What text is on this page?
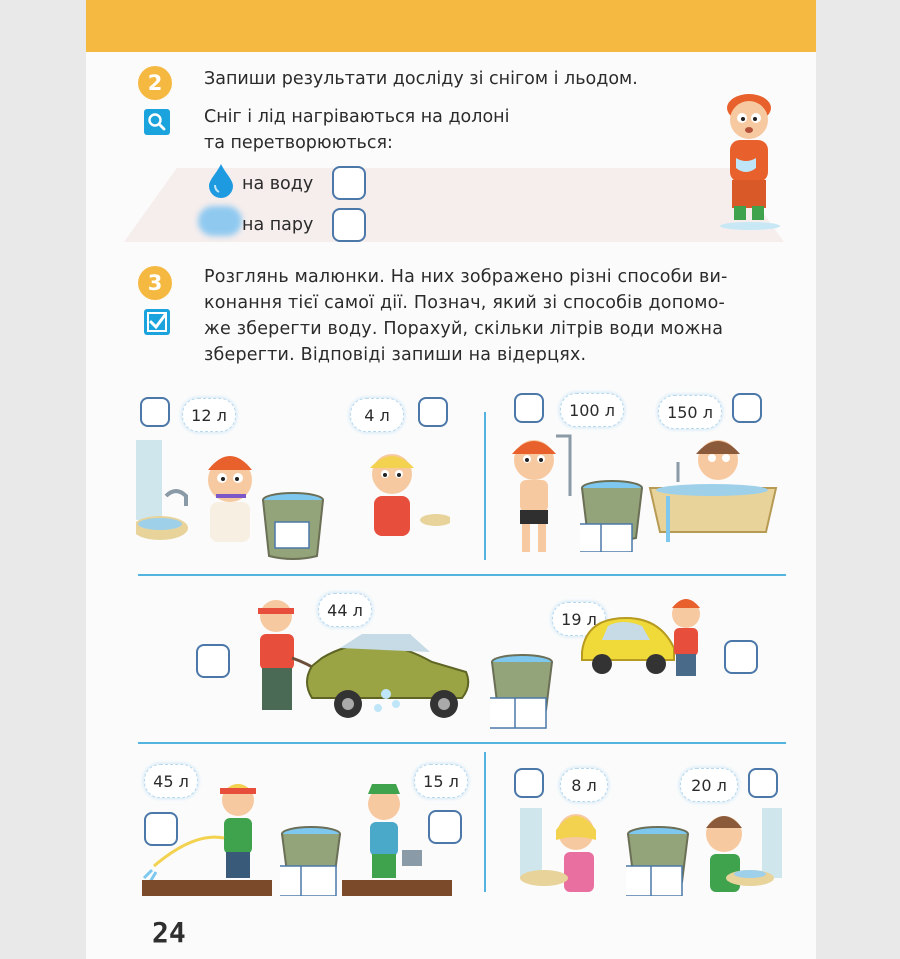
2	Запиши результати досліду зі снігом і льодом.
Сніг і лід нагріваються на долоні
та перетворюються:
на воду
на пару
3	Розглянь малюнки. На них зображено різні способи ви-
конання тієї самої дії. Познач, який зі способів допомо-
же зберегти воду. Порахуй, скільки літрів води можна
зберегти. Відповіді запиши на відерцях.
12 л	4 л	100 л	150 л
44 л	19 л
45 л	15 л	8 л	20 л
24
